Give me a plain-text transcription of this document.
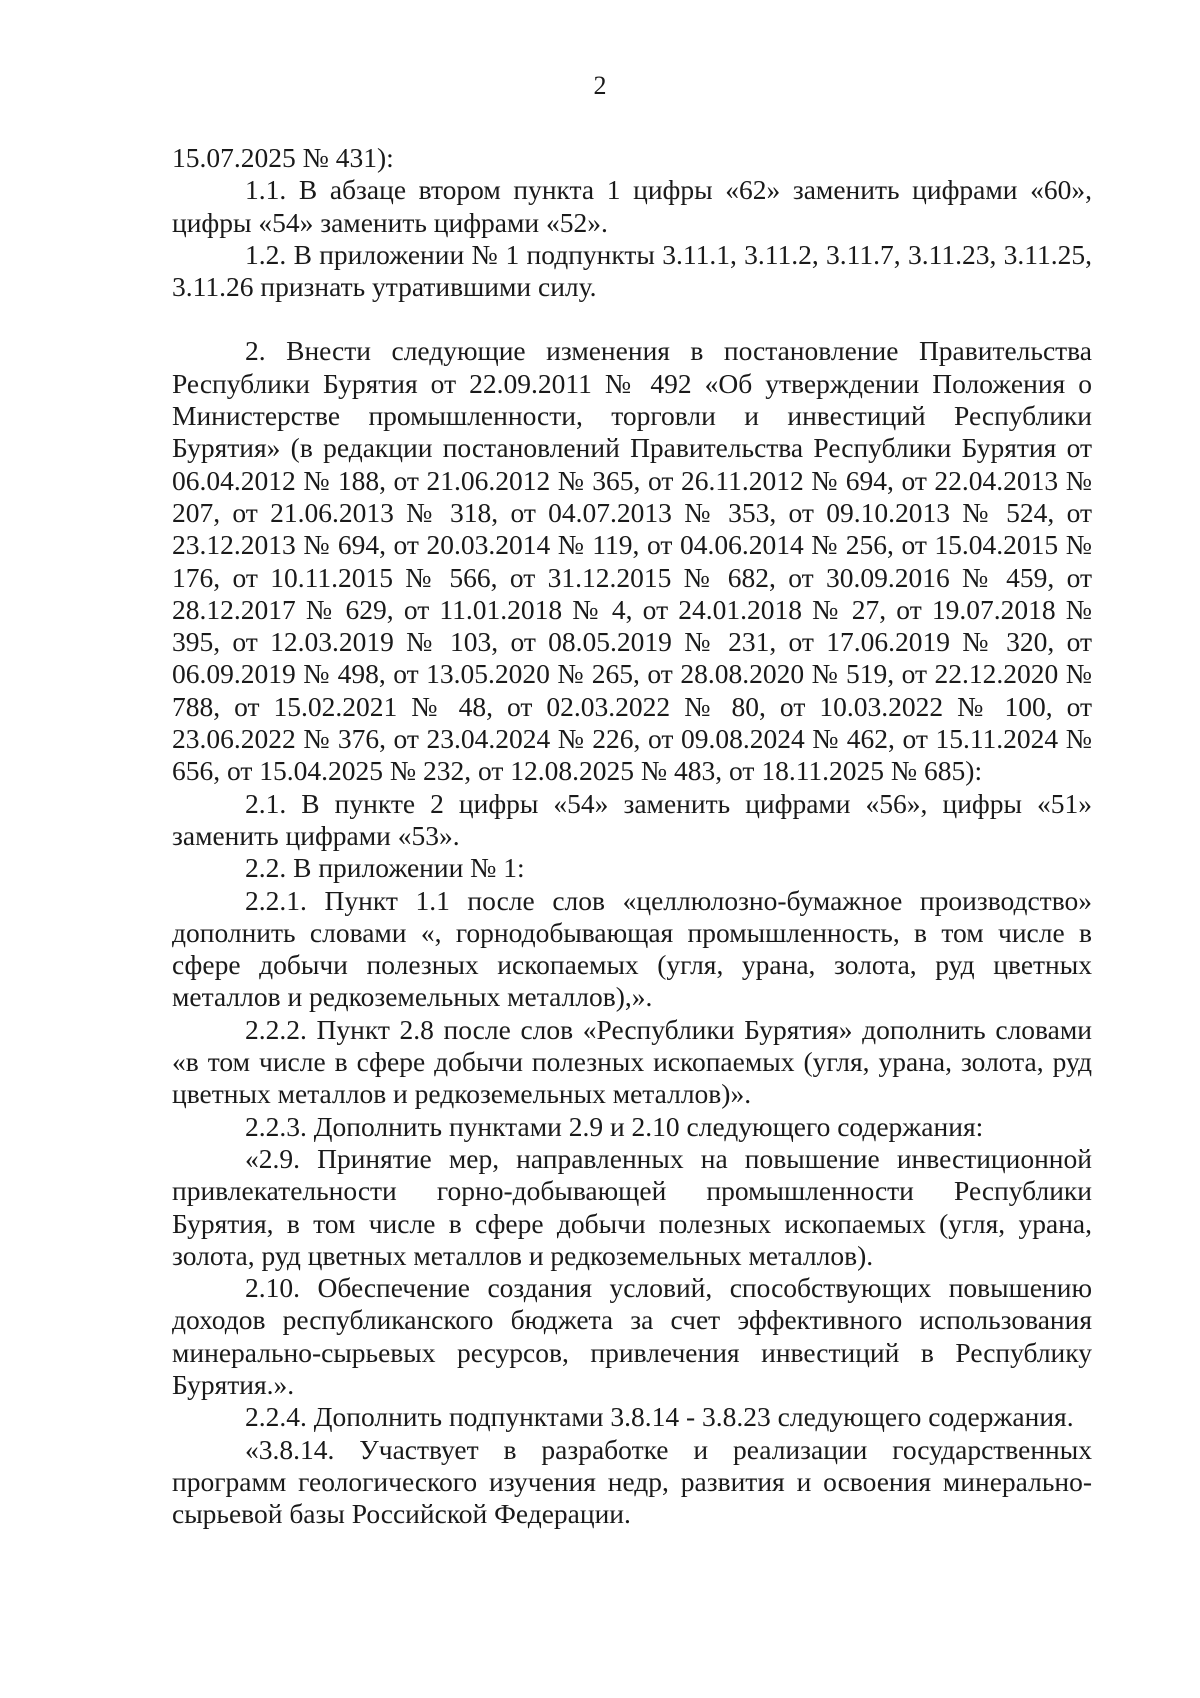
2

15.07.2025 № 431):

1.1. В абзаце втором пункта 1 цифры «62» заменить цифрами «60», цифры «54» заменить цифрами «52».

1.2. В приложении № 1 подпункты 3.11.1, 3.11.2, 3.11.7, 3.11.23, 3.11.25, 3.11.26 признать утратившими силу.

2. Внести следующие изменения в постановление Правительства Республики Бурятия от 22.09.2011 № 492 «Об утверждении Положения о Министерстве промышленности, торговли и инвестиций Республики Бурятия» (в редакции постановлений Правительства Республики Бурятия от 06.04.2012 № 188, от 21.06.2012 № 365, от 26.11.2012 № 694, от 22.04.2013 № 207, от 21.06.2013 № 318, от 04.07.2013 № 353, от 09.10.2013 № 524, от 23.12.2013 № 694, от 20.03.2014 № 119, от 04.06.2014 № 256, от 15.04.2015 № 176, от 10.11.2015 № 566, от 31.12.2015 № 682, от 30.09.2016 № 459, от 28.12.2017 № 629, от 11.01.2018 № 4, от 24.01.2018 № 27, от 19.07.2018 № 395, от 12.03.2019 № 103, от 08.05.2019 № 231, от 17.06.2019 № 320, от 06.09.2019 № 498, от 13.05.2020 № 265, от 28.08.2020 № 519, от 22.12.2020 № 788, от 15.02.2021 № 48, от 02.03.2022 № 80, от 10.03.2022 № 100, от 23.06.2022 № 376, от 23.04.2024 № 226, от 09.08.2024 № 462, от 15.11.2024 № 656, от 15.04.2025 № 232, от 12.08.2025 № 483, от 18.11.2025 № 685):

2.1. В пункте 2 цифры «54» заменить цифрами «56», цифры «51» заменить цифрами «53».

2.2. В приложении № 1:

2.2.1. Пункт 1.1 после слов «целлюлозно-бумажное производство» дополнить словами «, горнодобывающая промышленность, в том числе в сфере добычи полезных ископаемых (угля, урана, золота, руд цветных металлов и редкоземельных металлов),».

2.2.2. Пункт 2.8 после слов «Республики Бурятия» дополнить словами «в том числе в сфере добычи полезных ископаемых (угля, урана, золота, руд цветных металлов и редкоземельных металлов)».

2.2.3. Дополнить пунктами 2.9 и 2.10 следующего содержания:

«2.9. Принятие мер, направленных на повышение инвестиционной привлекательности горно-добывающей промышленности Республики Бурятия, в том числе в сфере добычи полезных ископаемых (угля, урана, золота, руд цветных металлов и редкоземельных металлов).

2.10. Обеспечение создания условий, способствующих повышению доходов республиканского бюджета за счет эффективного использования минерально-сырьевых ресурсов, привлечения инвестиций в Республику Бурятия.».

2.2.4. Дополнить подпунктами 3.8.14 - 3.8.23 следующего содержания.

«3.8.14. Участвует в разработке и реализации государственных программ геологического изучения недр, развития и освоения минерально-сырьевой базы Российской Федерации.
